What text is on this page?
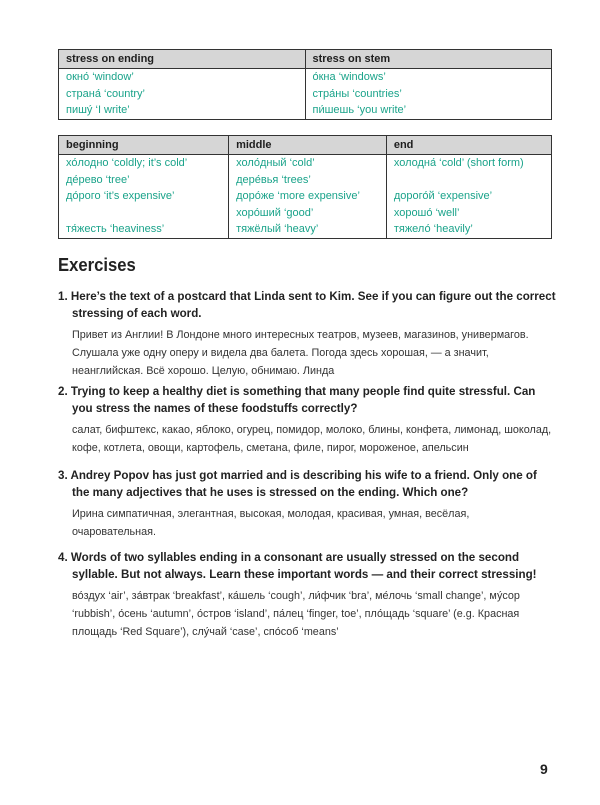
stress on ending	stress on stem
окно́ ‘window’	о́кна ‘windows’
страна́ ‘country’	стра́ны ‘countries’
пишу́ ‘I write’	пи́шешь ‘you write’
beginning	middle	end
хо́лодно ‘coldly; it’s cold’	холо́дный ‘cold’	холодна́ ‘cold’ (short form)
де́рево ‘tree’	дере́вья ‘trees’	
до́рого ‘it’s expensive’	доро́же ‘more expensive’	дорого́й ‘expensive’
	хоро́ший ‘good’	хорошо́ ‘well’
тя́жесть ‘heaviness’	тяжёлый ‘heavy’	тяжело́ ‘heavily’
Exercises

1. Here’s the text of a postcard that Linda sent to Kim. See if you can figure out the correct stressing of each word.

Привет из Англии! В Лондоне много интересных театров, музеев, магазинов, универмагов. Слушала уже одну оперу и видела два балета. Погода здесь хорошая, — а значит, неанглийская. Всё хорошо. Целую, обнимаю. Линда

2. Trying to keep a healthy diet is something that many people find quite stressful. Can you stress the names of these foodstuffs correctly?

салат, бифштекс, какао, яблоко, огурец, помидор, молоко, блины, конфета, лимонад, шоколад, кофе, котлета, овощи, картофель, сметана, филе, пирог, мороженое, апельсин

3. Andrey Popov has just got married and is describing his wife to a friend. Only one of the many adjectives that he uses is stressed on the ending. Which one?

Ирина симпатичная, элегантная, высокая, молодая, красивая, умная, весёлая, очаровательная.

4. Words of two syllables ending in a consonant are usually stressed on the second syllable. But not always. Learn these important words — and their correct stressing!

во́здух ‘air’, за́втрак ‘breakfast’, ка́шель ‘cough’, ли́фчик ‘bra’, ме́лочь ‘small change’, му́сор ‘rubbish’, о́сень ‘autumn’, о́стров ‘island’, па́лец ‘finger, toe’, пло́щадь ‘square’ (e.g. Красная площадь ‘Red Square’), слу́чай ‘case’, спо́соб ‘means’

9
